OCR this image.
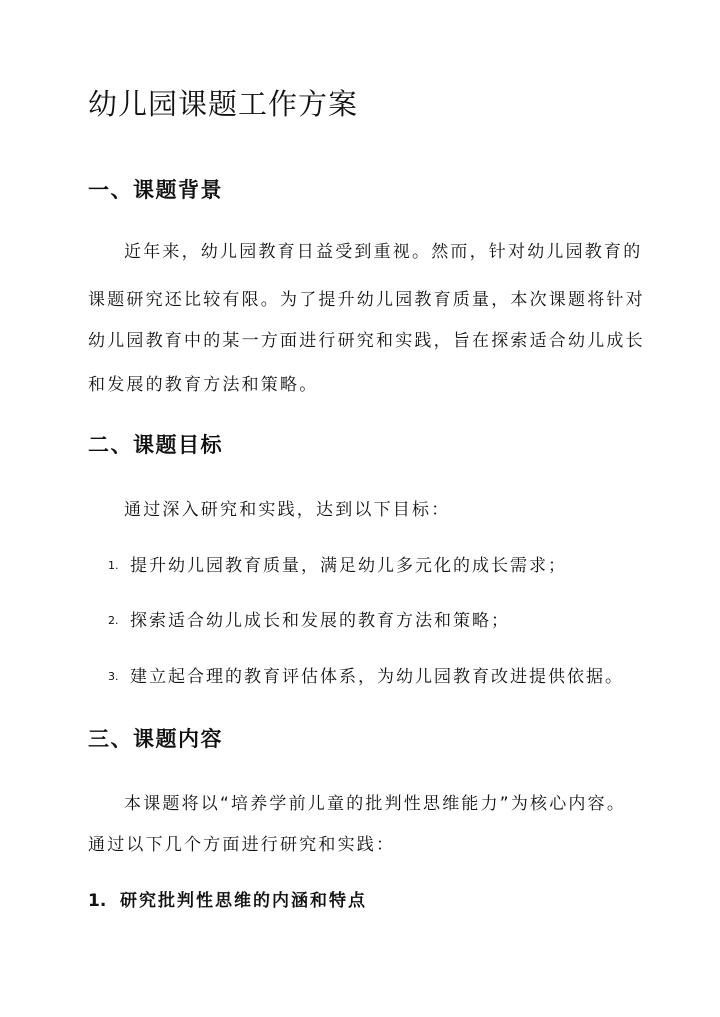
幼儿园课题工作方案
一、课题背景

近年来，幼儿园教育日益受到重视。然而，针对幼儿园教育的

课题研究还比较有限。为了提升幼儿园教育质量，本次课题将针对

幼儿园教育中的某一方面进行研究和实践，旨在探索适合幼儿成长

和发展的教育方法和策略。

二、课题目标

通过深入研究和实践，达到以下目标：

1. 提升幼儿园教育质量，满足幼儿多元化的成长需求；
2. 探索适合幼儿成长和发展的教育方法和策略；
3. 建立起合理的教育评估体系，为幼儿园教育改进提供依据。
三、课题内容

本课题将以“培养学前儿童的批判性思维能力”为核心内容。

通过以下几个方面进行研究和实践：

1. 研究批判性思维的内涵和特点
